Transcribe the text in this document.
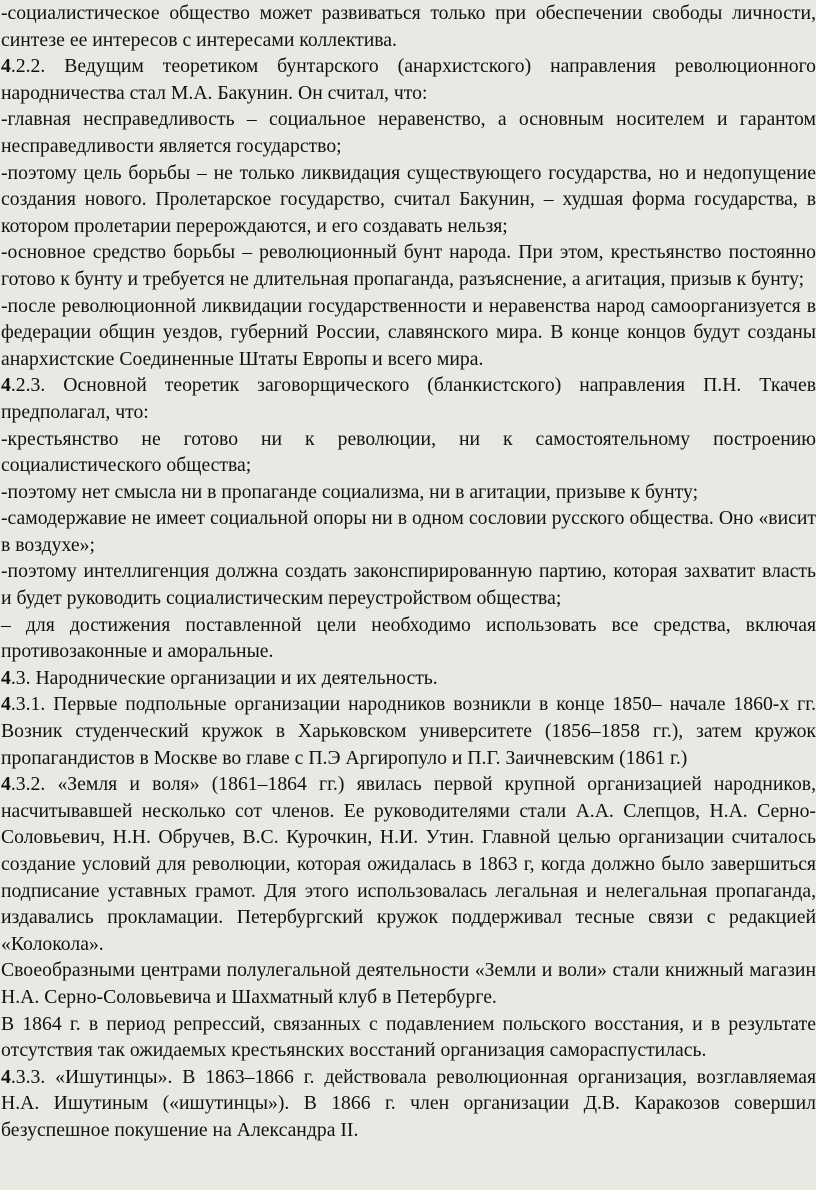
-социалистическое общество может развиваться только при обеспечении свободы личности, синтезе ее интересов с интересами коллектива.

4.2.2. Ведущим теоретиком бунтарского (анархистского) направления революционного народничества стал М.А. Бакунин. Он считал, что:

-главная несправедливость – социальное неравенство, а основным носителем и гарантом несправедливости является государство;

-поэтому цель борьбы – не только ликвидация существующего государства, но и недопущение создания нового. Пролетарское государство, считал Бакунин, – худшая форма государства, в котором пролетарии перерождаются, и его создавать нельзя;

-основное средство борьбы – революционный бунт народа. При этом, крестьянство постоянно готово к бунту и требуется не длительная пропаганда, разъяснение, а агитация, призыв к бунту;

-после революционной ликвидации государственности и неравенства народ самоорганизуется в федерации общин уездов, губерний России, славянского мира. В конце концов будут созданы анархистские Соединенные Штаты Европы и всего мира.

4.2.3. Основной теоретик заговорщического (бланкистского) направления П.Н. Ткачев предполагал, что:

-крестьянство не готово ни к революции, ни к самостоятельному построению социалистического общества;

-поэтому нет смысла ни в пропаганде социализма, ни в агитации, призыве к бунту;

-самодержавие не имеет социальной опоры ни в одном сословии русского общества. Оно «висит в воздухе»;

-поэтому интеллигенция должна создать законспирированную партию, которая захватит власть и будет руководить социалистическим переустройством общества;

– для достижения поставленной цели необходимо использовать все средства, включая противозаконные и аморальные.

4.3. Народнические организации и их деятельность.

4.3.1. Первые подпольные организации народников возникли в конце 1850– начале 1860-х гг. Возник студенческий кружок в Харьковском университете (1856–1858 гг.), затем кружок пропагандистов в Москве во главе с П.Э Аргиропуло и П.Г. Заичневским (1861 г.)

4.3.2. «Земля и воля» (1861–1864 гг.) явилась первой крупной организацией народников, насчитывавшей несколько сот членов. Ее руководителями стали А.А. Слепцов, Н.А. Серно-Соловьевич, Н.Н. Обручев, В.С. Курочкин, Н.И. Утин. Главной целью организации считалось создание условий для революции, которая ожидалась в 1863 г, когда должно было завершиться подписание уставных грамот. Для этого использовалась легальная и нелегальная пропаганда, издавались прокламации. Петербургский кружок поддерживал тесные связи с редакцией «Колокола».

Своеобразными центрами полулегальной деятельности «Земли и воли» стали книжный магазин Н.А. Серно-Соловьевича и Шахматный клуб в Петербурге.

В 1864 г. в период репрессий, связанных с подавлением польского восстания, и в результате отсутствия так ожидаемых крестьянских восстаний организация самораспустилась.

4.3.3. «Ишутинцы». В 1863–1866 г. действовала революционная организация, возглавляемая Н.А. Ишутиным («ишутинцы»). В 1866 г. член организации Д.В. Каракозов совершил безуспешное покушение на Александра II.
